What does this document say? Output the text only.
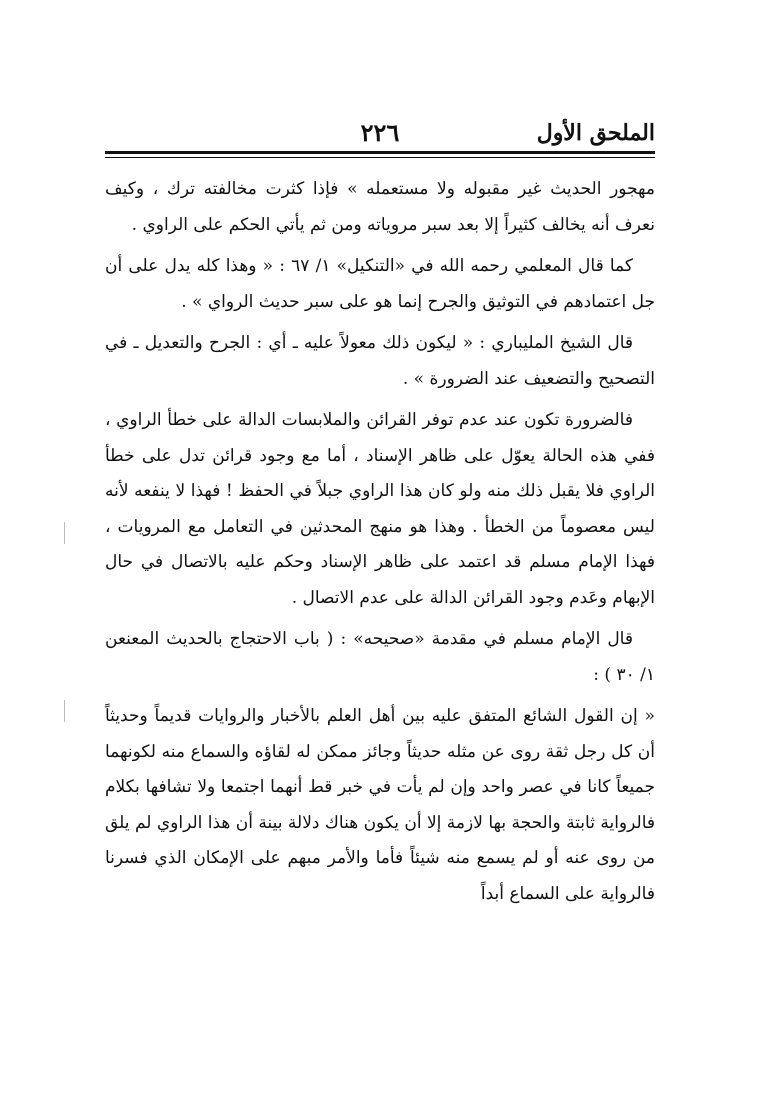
الملحق الأول
٢٢٦

مهجور الحديث غير مقبوله ولا مستعمله » فإذا كثرت مخالفته ترك ، وكيف نعرف أنه يخالف كثيراً إلا بعد سبر مروياته ومن ثم يأتي الحكم على الراوي .

كما قال المعلمي رحمه الله في «التنكيل» ١/ ٦٧ : « وهذا كله يدل على أن جل اعتمادهم في التوثيق والجرح إنما هو على سبر حديث الرواي » .

قال الشيخ المليباري : « ليكون ذلك معولاً عليه ـ أي : الجرح والتعديل ـ في التصحيح والتضعيف عند الضرورة » .

فالضرورة تكون عند عدم توفر القرائن والملابسات الدالة على خطأ الراوي ، ففي هذه الحالة يعوّل على ظاهر الإسناد ، أما مع وجود قرائن تدل على خطأ الراوي فلا يقبل ذلك منه ولو كان هذا الراوي جبلاً في الحفظ ! فهذا لا ينفعه لأنه ليس معصوماً من الخطأ . وهذا هو منهج المحدثين في التعامل مع المرويات ، فهذا الإمام مسلم قد اعتمد على ظاهر الإسناد وحكم عليه بالاتصال في حال الإبهام وعَدم وجود القرائن الدالة على عدم الاتصال .

قال الإمام مسلم في مقدمة «صحيحه» : ( باب الاحتجاج بالحديث المعنعن ١/ ٣٠ ) :

« إن القول الشائع المتفق عليه بين أهل العلم بالأخبار والروايات قديماً وحديثاً أن كل رجل ثقة روى عن مثله حديثاً وجائز ممكن له لقاؤه والسماع منه لكونهما جميعاً كانا في عصر واحد وإن لم يأت في خبر قط أنهما اجتمعا ولا تشافها بكلام فالرواية ثابتة والحجة بها لازمة إلا أن يكون هناك دلالة بينة أن هذا الراوي لم يلق من روى عنه أو لم يسمع منه شيئاً فأما والأمر مبهم على الإمكان الذي فسرنا فالرواية على السماع أبداً
